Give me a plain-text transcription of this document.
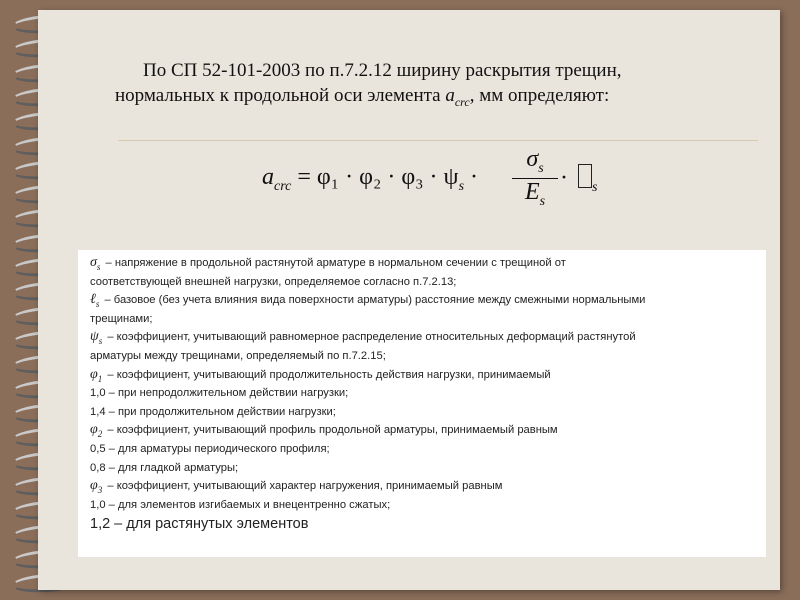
По СП 52-101-2003 по п.7.2.12 ширину раскрытия трещин,
нормальных к продольной оси элемента $a_{crc}$, мм определяют:
$a_{crc} = \varphi_1 \cdot \varphi_2 \cdot \varphi_3 \cdot \psi_s \cdot \frac{\sigma_s}{E_s} \cdot _s$
$\sigma_s$ – напряжение в продольной растянутой арматуре в нормальном сечении с трещиной от
соответствующей внешней нагрузки, определяемое согласно п.7.2.13;
ℓ$_s$ – базовое (без учета влияния вида поверхности арматуры) расстояние между смежными нормальными
трещинами;
$\psi_s$ – коэффициент, учитывающий равномерное распределение относительных деформаций растянутой
арматуры между трещинами, определяемый по п.7.2.15;
$\varphi_1$ – коэффициент, учитывающий продолжительность действия нагрузки, принимаемый
1,0 – при непродолжительном действии нагрузки;
1,4 – при продолжительном действии нагрузки;
$\varphi_2$ – коэффициент, учитывающий профиль продольной арматуры, принимаемый равным
0,5 – для арматуры периодического профиля;
0,8 – для гладкой арматуры;
$\varphi_3$ – коэффициент, учитывающий характер нагружения, принимаемый равным
1,0 – для элементов изгибаемых и внецентренно сжатых;
1,2 – для растянутых элементов
